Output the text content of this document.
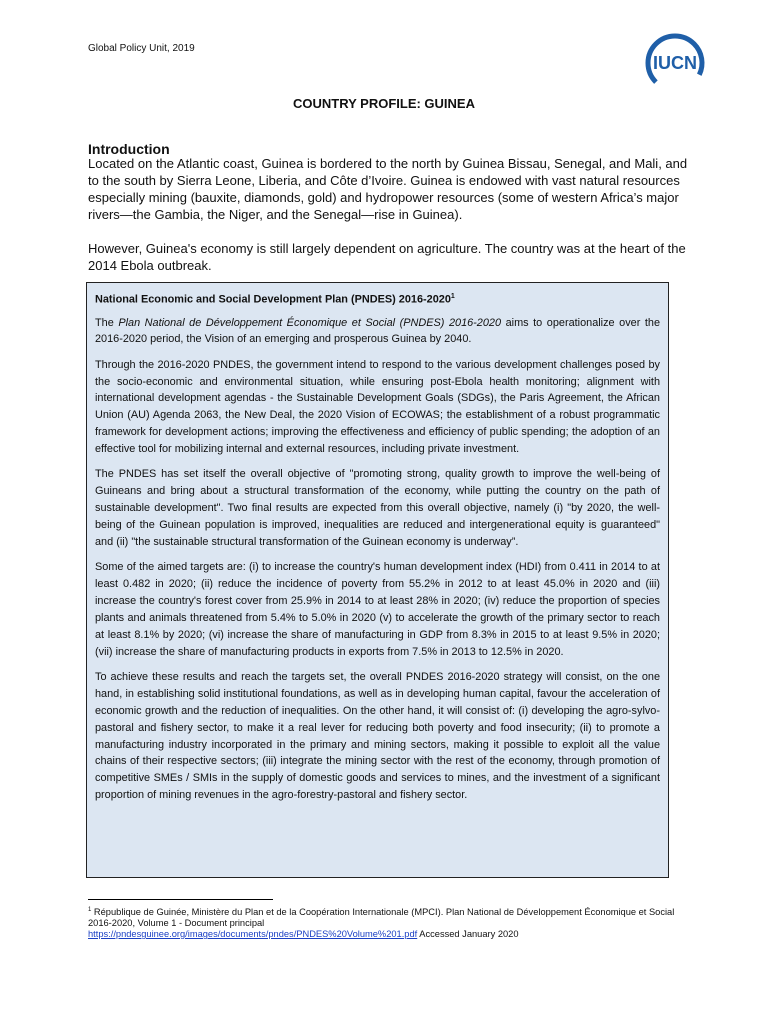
Global Policy Unit, 2019
IUCN
COUNTRY PROFILE: GUINEA
Introduction

Located on the Atlantic coast, Guinea is bordered to the north by Guinea Bissau, Senegal, and Mali, and to the south by Sierra Leone, Liberia, and Côte d’Ivoire. Guinea is endowed with vast natural resources especially mining (bauxite, diamonds, gold) and hydropower resources (some of western Africa’s major rivers—the Gambia, the Niger, and the Senegal—rise in Guinea).

However, Guinea's economy is still largely dependent on agriculture. The country was at the heart of the 2014 Ebola outbreak.

National Economic and Social Development Plan (PNDES) 2016-2020$^1$

The Plan National de Développement Économique et Social (PNDES) 2016-2020 aims to operationalize over the 2016-2020 period, the Vision of an emerging and prosperous Guinea by 2040.

Through the 2016-2020 PNDES, the government intend to respond to the various development challenges posed by the socio-economic and environmental situation, while ensuring post-Ebola health monitoring; alignment with international development agendas - the Sustainable Development Goals (SDGs), the Paris Agreement, the African Union (AU) Agenda 2063, the New Deal, the 2020 Vision of ECOWAS; the establishment of a robust programmatic framework for development actions; improving the effectiveness and efficiency of public spending; the adoption of an effective tool for mobilizing internal and external resources, including private investment.

The PNDES has set itself the overall objective of "promoting strong, quality growth to improve the well-being of Guineans and bring about a structural transformation of the economy, while putting the country on the path of sustainable development". Two final results are expected from this overall objective, namely (i) "by 2020, the well-being of the Guinean population is improved, inequalities are reduced and intergenerational equity is guaranteed" and (ii) "the sustainable structural transformation of the Guinean economy is underway”.

Some of the aimed targets are: (i) to increase the country's human development index (HDI) from 0.411 in 2014 to at least 0.482 in 2020; (ii) reduce the incidence of poverty from 55.2% in 2012 to at least 45.0% in 2020 and (iii) increase the country's forest cover from 25.9% in 2014 to at least 28% in 2020; (iv) reduce the proportion of species plants and animals threatened from 5.4% to 5.0% in 2020 (v) to accelerate the growth of the primary sector to reach at least 8.1% by 2020; (vi) increase the share of manufacturing in GDP from 8.3% in 2015 to at least 9.5% in 2020; (vii) increase the share of manufacturing products in exports from 7.5% in 2013 to 12.5% in 2020.

To achieve these results and reach the targets set, the overall PNDES 2016-2020 strategy will consist, on the one hand, in establishing solid institutional foundations, as well as in developing human capital, favour the acceleration of economic growth and the reduction of inequalities. On the other hand, it will consist of: (i) developing the agro-sylvo-pastoral and fishery sector, to make it a real lever for reducing both poverty and food insecurity; (ii) to promote a manufacturing industry incorporated in the primary and mining sectors, making it possible to exploit all the value chains of their respective sectors; (iii) integrate the mining sector with the rest of the economy, through promotion of competitive SMEs / SMIs in the supply of domestic goods and services to mines, and the investment of a significant proportion of mining revenues in the agro-forestry-pastoral and fishery sector.

$^1$ République de Guinée, Ministère du Plan et de la Coopération Internationale (MPCI). Plan National de Développement Économique et Social 2016-2020, Volume 1 - Document principal
https://pndesguinee.org/images/documents/pndes/PNDES%20Volume%201.pdf Accessed January 2020
